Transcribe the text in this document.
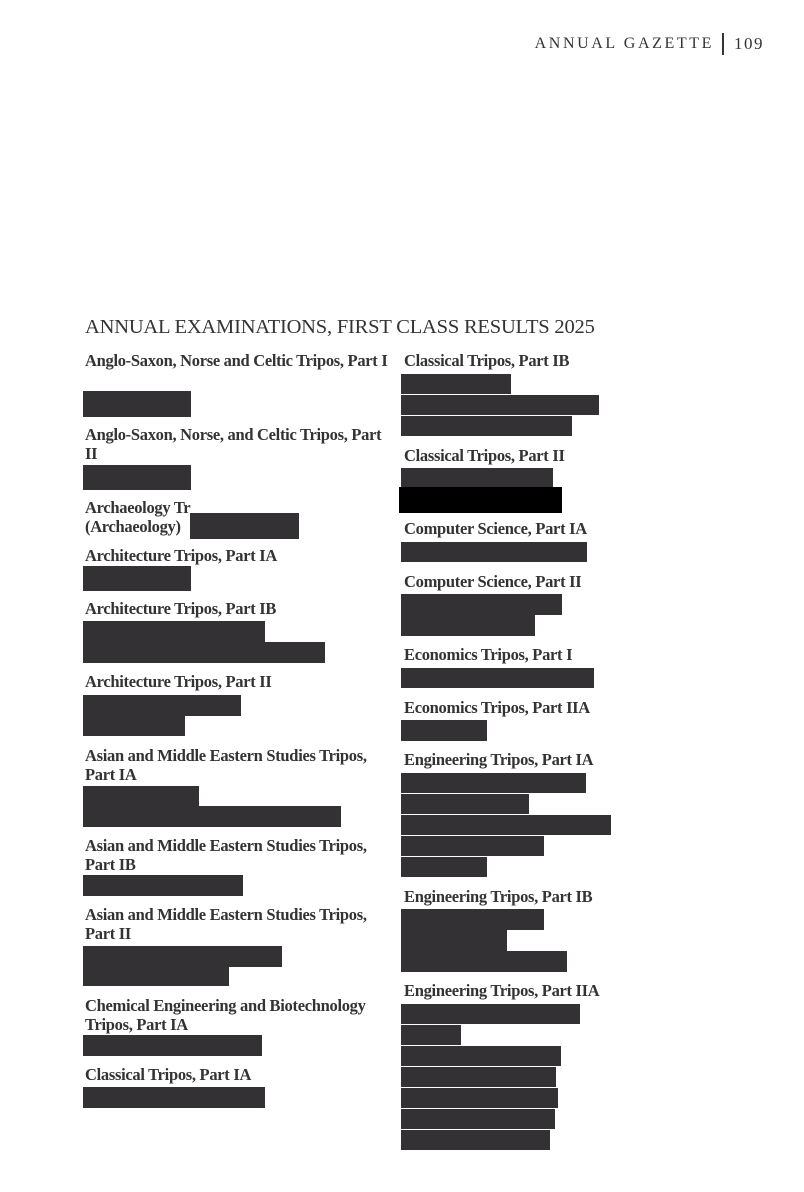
ANNUAL GAZETTE 109
ANNUAL EXAMINATIONS, FIRST CLASS RESULTS 2025

Anglo-Saxon, Norse and Celtic Tripos, Part I

Anglo-Saxon, Norse, and Celtic Tripos, Part II

Archaeology Tr
(Archaeology)

Architecture Tripos, Part IA

Architecture Tripos, Part IB

Architecture Tripos, Part II

Asian and Middle Eastern Studies Tripos, Part IA

Asian and Middle Eastern Studies Tripos, Part IB

Asian and Middle Eastern Studies Tripos, Part II

Chemical Engineering and Biotechnology Tripos, Part IA

Classical Tripos, Part IA

Classical Tripos, Part IB

Classical Tripos, Part II

Computer Science, Part IA

Computer Science, Part II

Economics Tripos, Part I

Economics Tripos, Part IIA

Engineering Tripos, Part IA

Engineering Tripos, Part IB

Engineering Tripos, Part IIA
